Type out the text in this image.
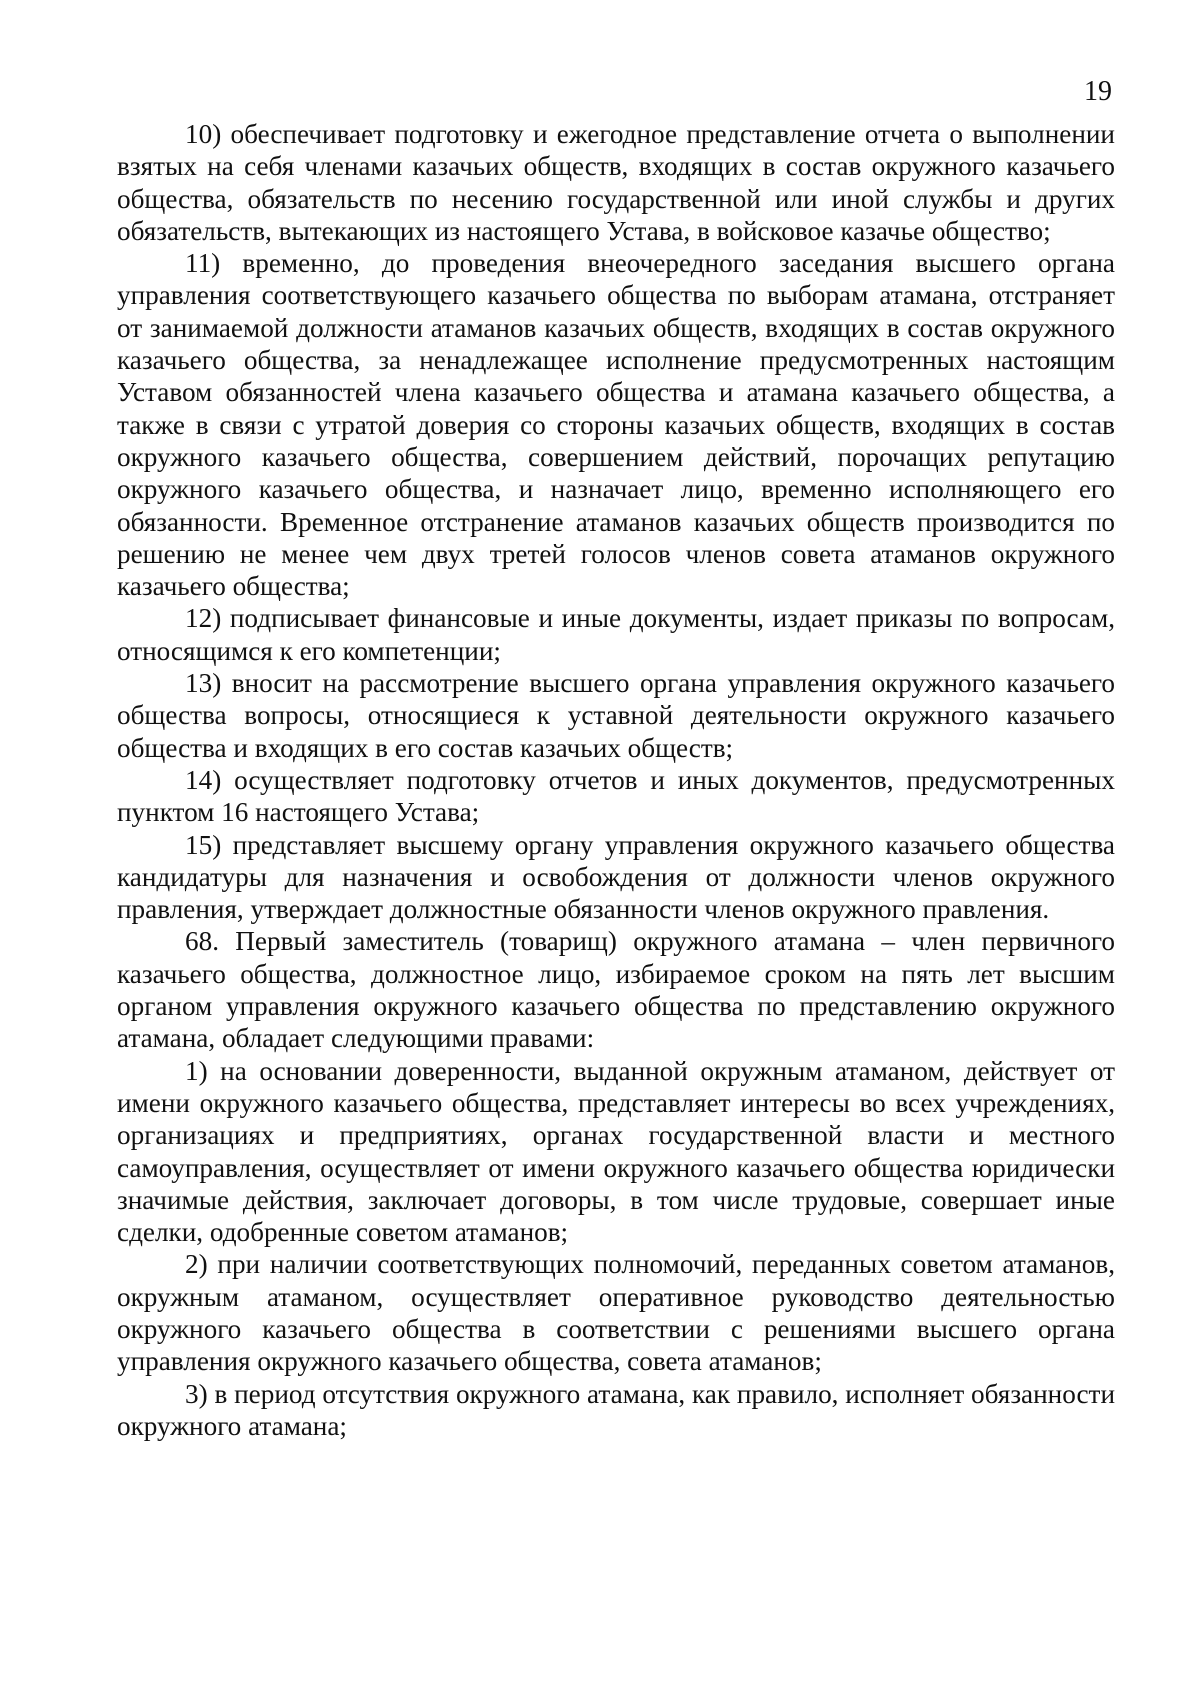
19

10) обеспечивает подготовку и ежегодное представление отчета о выполнении взятых на себя членами казачьих обществ, входящих в состав окружного казачьего общества, обязательств по несению государственной или иной службы и других обязательств, вытекающих из настоящего Устава, в войсковое казачье общество;

11) временно, до проведения внеочередного заседания высшего органа управления соответствующего казачьего общества по выборам атамана, отстраняет от занимаемой должности атаманов казачьих обществ, входящих в состав окружного казачьего общества, за ненадлежащее исполнение предусмотренных настоящим Уставом обязанностей члена казачьего общества и атамана казачьего общества, а также в связи с утратой доверия со стороны казачьих обществ, входящих в состав окружного казачьего общества, совершением действий, порочащих репутацию окружного казачьего общества, и назначает лицо, временно исполняющего его обязанности. Временное отстранение атаманов казачьих обществ производится по решению не менее чем двух третей голосов членов совета атаманов окружного казачьего общества;

12) подписывает финансовые и иные документы, издает приказы по вопросам, относящимся к его компетенции;

13) вносит на рассмотрение высшего органа управления окружного казачьего общества вопросы, относящиеся к уставной деятельности окружного казачьего общества и входящих в его состав казачьих обществ;

14) осуществляет подготовку отчетов и иных документов, предусмотренных пунктом 16 настоящего Устава;

15) представляет высшему органу управления окружного казачьего общества кандидатуры для назначения и освобождения от должности членов окружного правления, утверждает должностные обязанности членов окружного правления.

68. Первый заместитель (товарищ) окружного атамана – член первичного казачьего общества, должностное лицо, избираемое сроком на пять лет высшим органом управления окружного казачьего общества по представлению окружного атамана, обладает следующими правами:

1) на основании доверенности, выданной окружным атаманом, действует от имени окружного казачьего общества, представляет интересы во всех учреждениях, организациях и предприятиях, органах государственной власти и местного самоуправления, осуществляет от имени окружного казачьего общества юридически значимые действия, заключает договоры, в том числе трудовые, совершает иные сделки, одобренные советом атаманов;

2) при наличии соответствующих полномочий, переданных советом атаманов, окружным атаманом, осуществляет оперативное руководство деятельностью окружного казачьего общества в соответствии с решениями высшего органа управления окружного казачьего общества, совета атаманов;

3) в период отсутствия окружного атамана, как правило, исполняет обязанности окружного атамана;
